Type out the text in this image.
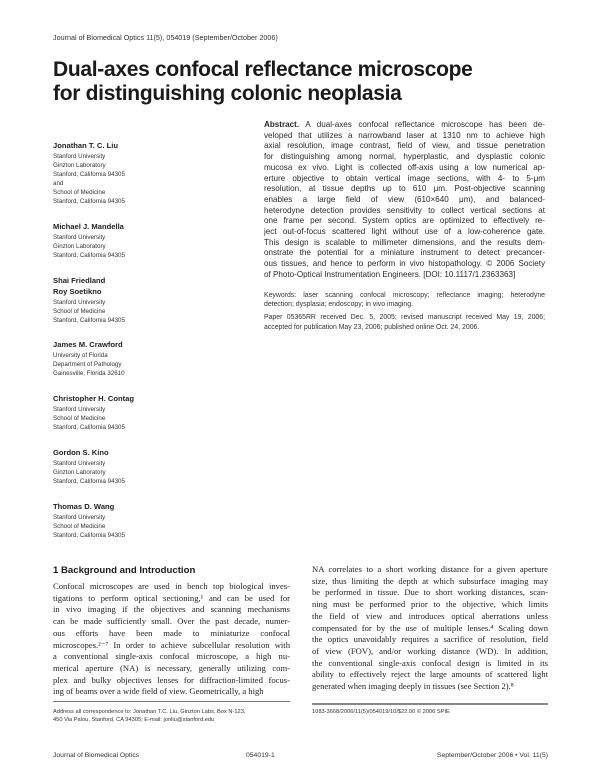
Journal of Biomedical Optics 11(5), 054019 (September/October 2006)
Dual-axes confocal reflectance microscope
for distinguishing colonic neoplasia
Jonathan T. C. Liu
Stanford University
Ginzton Laboratory
Stanford, California 94305
and
School of Medicine
Stanford, California 94305
Michael J. Mandella
Stanford University
Ginzton Laboratory
Stanford, California 94305
Shai Friedland
Roy Soetikno
Stanford University
School of Medicine
Stanford, California 94305
James M. Crawford
University of Florida
Department of Pathology
Gainesville, Florida 32610
Christopher H. Contag
Stanford University
School of Medicine
Stanford, California 94305
Gordon S. Kino
Stanford University
Ginzton Laboratory
Stanford, California 94305
Thomas D. Wang
Stanford University
School of Medicine
Stanford, California 94305
Abstract. A dual-axes confocal reflectance microscope has been de-
veloped that utilizes a narrowband laser at 1310 nm to achieve high
axial resolution, image contrast, field of view, and tissue penetration
for distinguishing among normal, hyperplastic, and dysplastic colonic
mucosa ex vivo. Light is collected off-axis using a low numerical ap-
erture objective to obtain vertical image sections, with 4- to 5-μm
resolution, at tissue depths up to 610 μm. Post-objective scanning
enables a large field of view (610×640 μm), and balanced-
heterodyne detection provides sensitivity to collect vertical sections at
one frame per second. System optics are optimized to effectively re-
ject out-of-focus scattered light without use of a low-coherence gate.
This design is scalable to millimeter dimensions, and the results dem-
onstrate the potential for a miniature instrument to detect precancer-
ous tissues, and hence to perform in vivo histopathology. © 2006 Society
of Photo-Optical Instrumentation Engineers. [DOI: 10.1117/1.2363363]
Keywords: laser scanning confocal microscopy; reflectance imaging; heterodyne
detection; dysplasia; endoscopy; in vivo imaging.
Paper 05365RR received Dec. 5, 2005; revised manuscript received May 19, 2006;
accepted for publication May 23, 2006; published online Oct. 24, 2006.
1 Background and Introduction
Confocal microscopes are used in bench top biological inves-
tigations to perform optical sectioning,¹ and can be used for
in vivo imaging if the objectives and scanning mechanisms
can be made sufficiently small. Over the past decade, numer-
ous efforts have been made to miniaturize confocal
microscopes.²⁻⁷ In order to achieve subcellular resolution with
a conventional single-axis confocal microscope, a high nu-
merical aperture (NA) is necessary, generally utilizing com-
plex and bulky objectives lenses for diffraction-limited focus-
ing of beams over a wide field of view. Geometrically, a high
NA correlates to a short working distance for a given aperture
size, thus limiting the depth at which subsurface imaging may
be performed in tissue. Due to short working distances, scan-
ning must be performed prior to the objective, which limits
the field of view and introduces optical aberrations unless
compensated for by the use of multiple lenses.⁴ Scaling down
the optics unavoidably requires a sacrifice of resolution, field
of view (FOV), and/or working distance (WD). In addition,
the conventional single-axis confocal design is limited in its
ability to effectively reject the large amounts of scattered light
generated when imaging deeply in tissues (see Section 2).⁸
Address all correspondence to: Jonathan T.C. Liu, Ginzton Labs, Box N-123,
450 Via Palou, Stanford, CA 94305; E-mail: jonliu@stanford.edu
1083-3668/2006/11(5)/054019/10/$22.00 © 2006 SPIE
Journal of Biomedical Optics	054019-1	September/October 2006 • Vol. 11(5)
